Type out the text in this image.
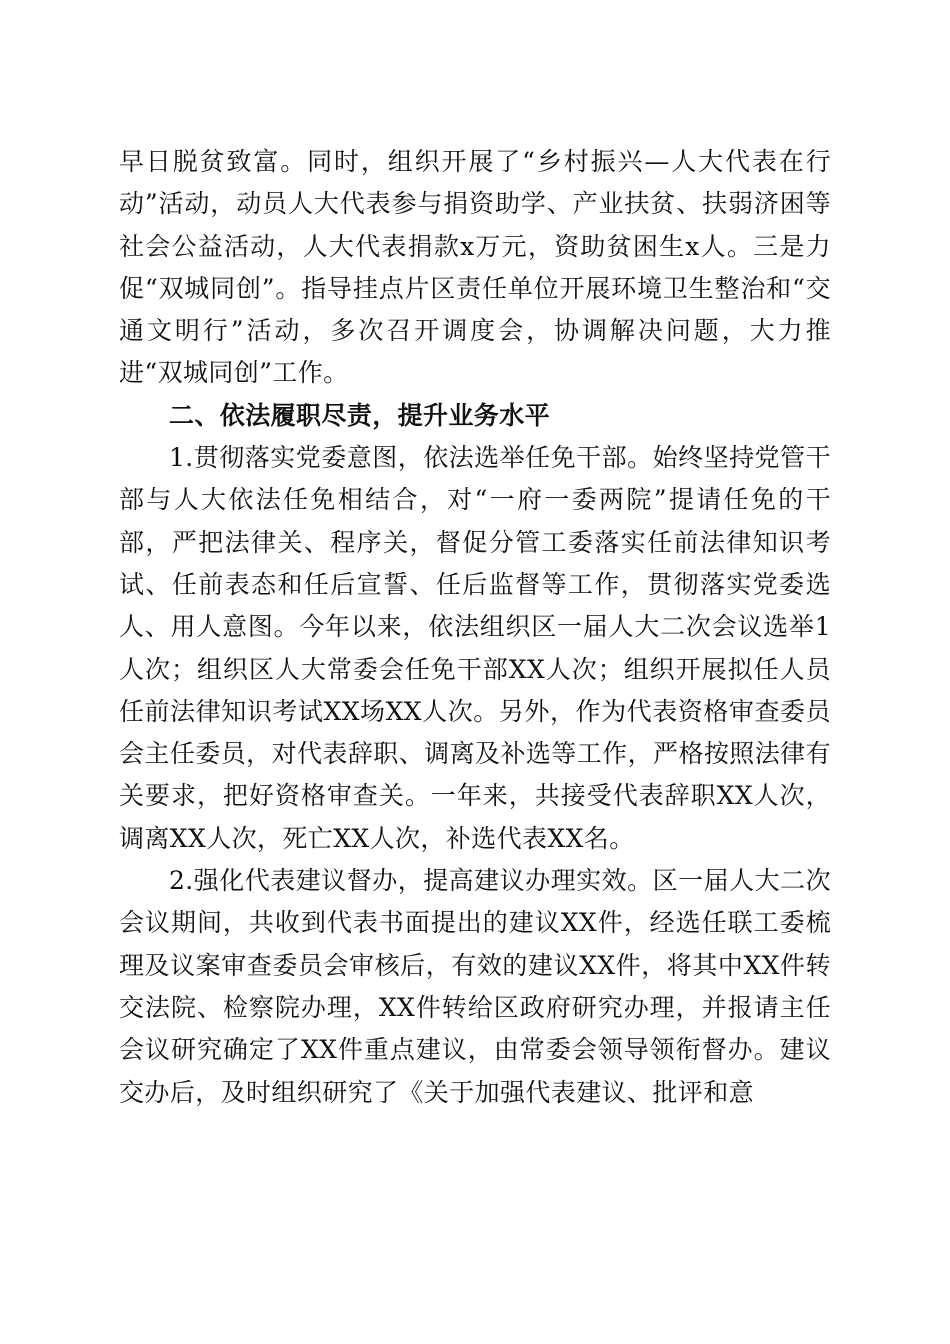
早日脱贫致富。同时，组织开展了“乡村振兴—人大代表在行动”活动，动员人大代表参与捐资助学、产业扶贫、扶弱济困等社会公益活动，人大代表捐款x万元，资助贫困生x人。三是力促“双城同创”。指导挂点片区责任单位开展环境卫生整治和“交通文明行”活动，多次召开调度会，协调解决问题，大力推进“双城同创”工作。

二、依法履职尽责，提升业务水平

1.贯彻落实党委意图，依法选举任免干部。始终坚持党管干部与人大依法任免相结合，对“一府一委两院”提请任免的干部，严把法律关、程序关，督促分管工委落实任前法律知识考试、任前表态和任后宣誓、任后监督等工作，贯彻落实党委选人、用人意图。今年以来，依法组织区一届人大二次会议选举1人次；组织区人大常委会任免干部XX人次；组织开展拟任人员任前法律知识考试XX场XX人次。另外，作为代表资格审查委员会主任委员，对代表辞职、调离及补选等工作，严格按照法律有关要求，把好资格审查关。一年来，共接受代表辞职XX人次，调离XX人次，死亡XX人次，补选代表XX名。

2.强化代表建议督办，提高建议办理实效。区一届人大二次会议期间，共收到代表书面提出的建议XX件，经选任联工委梳理及议案审查委员会审核后，有效的建议XX件，将其中XX件转交法院、检察院办理，XX件转给区政府研究办理，并报请主任会议研究确定了XX件重点建议，由常委会领导领衔督办。建议交办后，及时组织研究了《关于加强代表建议、批评和意
